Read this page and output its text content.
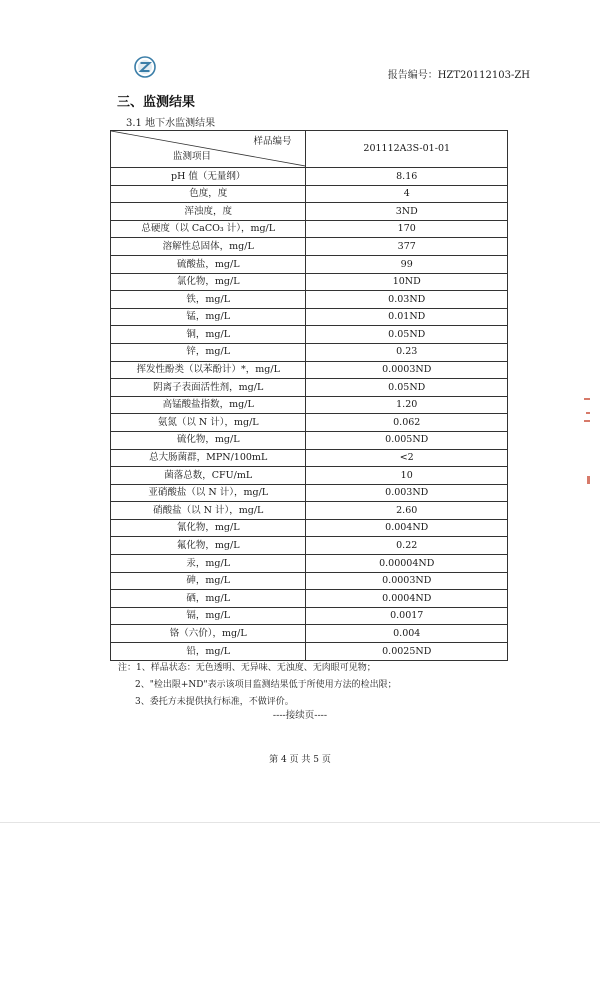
报告编号：HZT20112103-ZH
三、监测结果
3.1 地下水监测结果
样品编号
监测项目	201112A3S-01-01
pH 值（无量纲）	8.16
色度，度	4
浑浊度，度	3ND
总硬度（以 CaCO₃ 计），mg/L	170
溶解性总固体，mg/L	377
硫酸盐，mg/L	99
氯化物，mg/L	10ND
铁，mg/L	0.03ND
锰，mg/L	0.01ND
铜，mg/L	0.05ND
锌，mg/L	0.23
挥发性酚类（以苯酚计）*，mg/L	0.0003ND
阴离子表面活性剂，mg/L	0.05ND
高锰酸盐指数，mg/L	1.20
氨氮（以 N 计），mg/L	0.062
硫化物，mg/L	0.005ND
总大肠菌群，MPN/100mL	<2
菌落总数，CFU/mL	10
亚硝酸盐（以 N 计），mg/L	0.003ND
硝酸盐（以 N 计），mg/L	2.60
氰化物，mg/L	0.004ND
氟化物，mg/L	0.22
汞，mg/L	0.00004ND
砷，mg/L	0.0003ND
硒，mg/L	0.0004ND
镉，mg/L	0.0017
铬（六价），mg/L	0.004
铅，mg/L	0.0025ND
注：1、样品状态：无色透明、无异味、无浊度、无肉眼可见物；
2、"检出限+ND"表示该项目监测结果低于所使用方法的检出限；
3、委托方未提供执行标准，不做评价。
----接续页----
第 4 页 共 5 页
